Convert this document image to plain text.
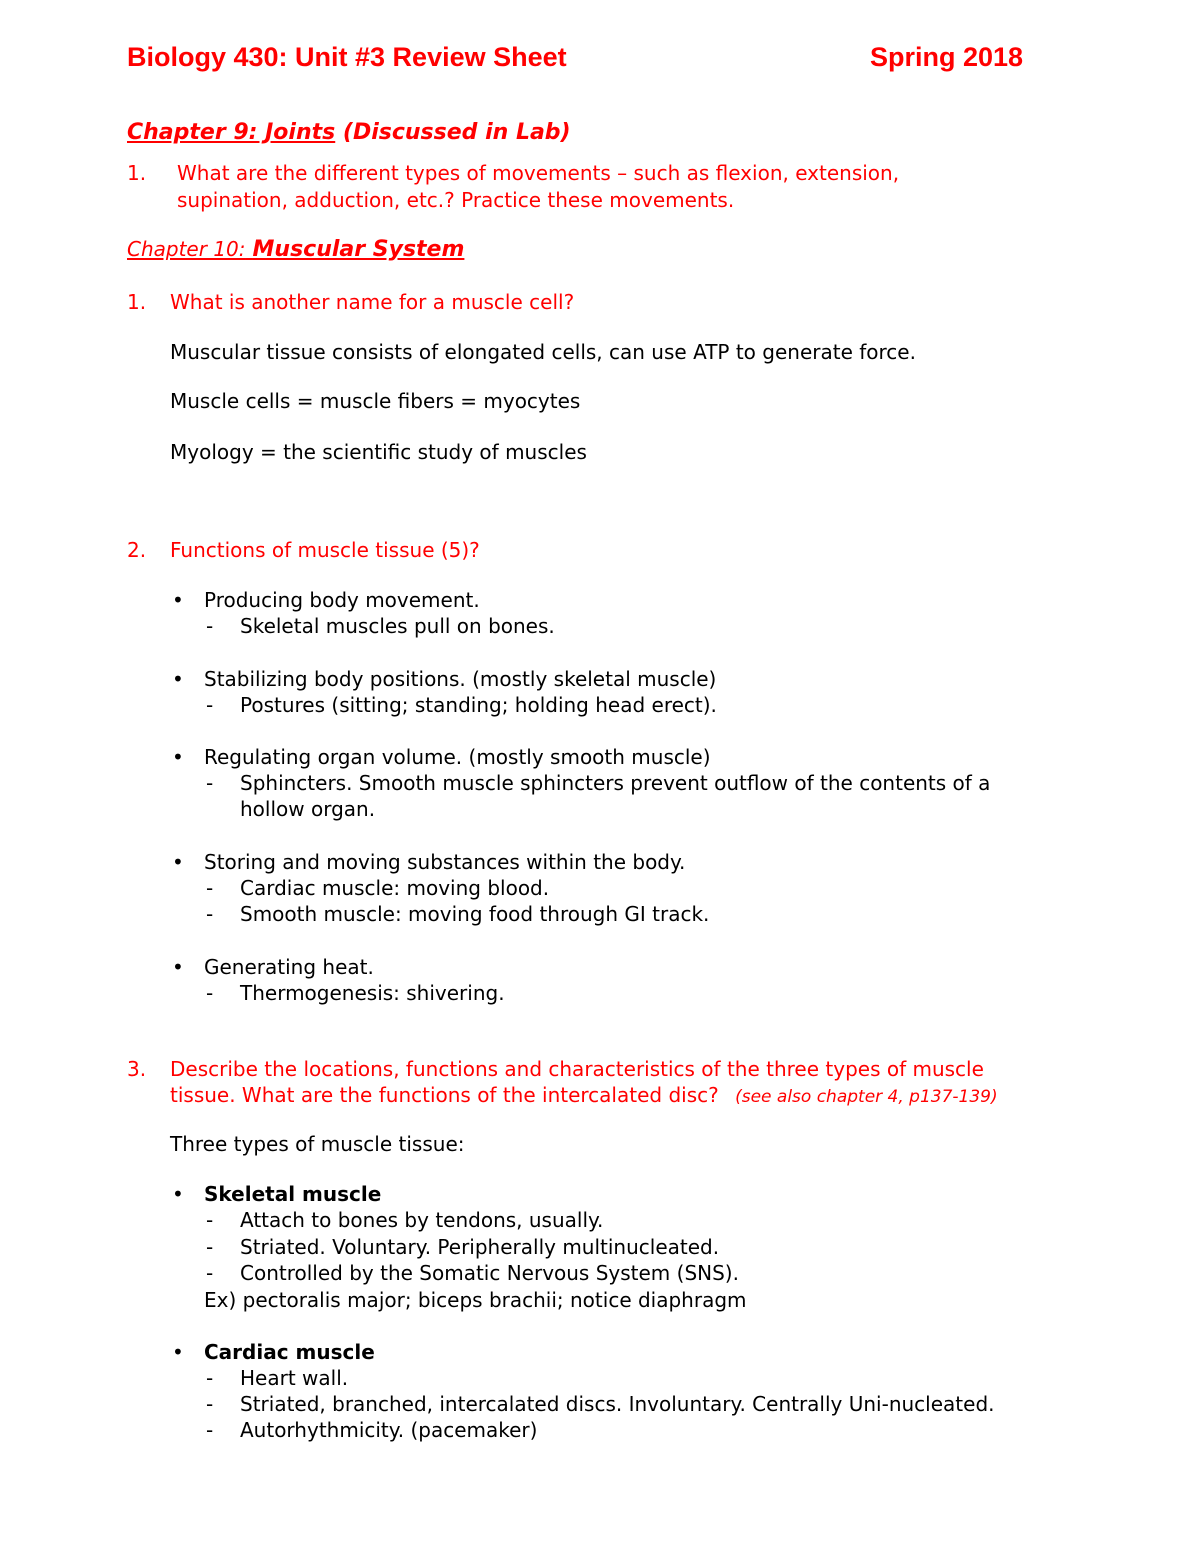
Biology 430: Unit #3 Review Sheet	Spring 2018
Chapter 9: Joints (Discussed in Lab)
1. What are the different types of movements – such as flexion, extension,
supination, adduction, etc.? Practice these movements.
Chapter 10: Muscular System
1. What is another name for a muscle cell?
Muscular tissue consists of elongated cells, can use ATP to generate force.
Muscle cells = muscle fibers = myocytes
Myology = the scientific study of muscles
2. Functions of muscle tissue (5)?
• Producing body movement.
- Skeletal muscles pull on bones.
• Stabilizing body positions. (mostly skeletal muscle)
- Postures (sitting; standing; holding head erect).
• Regulating organ volume. (mostly smooth muscle)
- Sphincters. Smooth muscle sphincters prevent outflow of the contents of a
hollow organ.
• Storing and moving substances within the body.
- Cardiac muscle: moving blood.
- Smooth muscle: moving food through GI track.
• Generating heat.
- Thermogenesis: shivering.
3. Describe the locations, functions and characteristics of the three types of muscle
tissue. What are the functions of the intercalated disc? (see also chapter 4, p137-139)
Three types of muscle tissue:
• Skeletal muscle
- Attach to bones by tendons, usually.
- Striated. Voluntary. Peripherally multinucleated.
- Controlled by the Somatic Nervous System (SNS).
Ex) pectoralis major; biceps brachii; notice diaphragm
• Cardiac muscle
- Heart wall.
- Striated, branched, intercalated discs. Involuntary. Centrally Uni-nucleated.
- Autorhythmicity. (pacemaker)
